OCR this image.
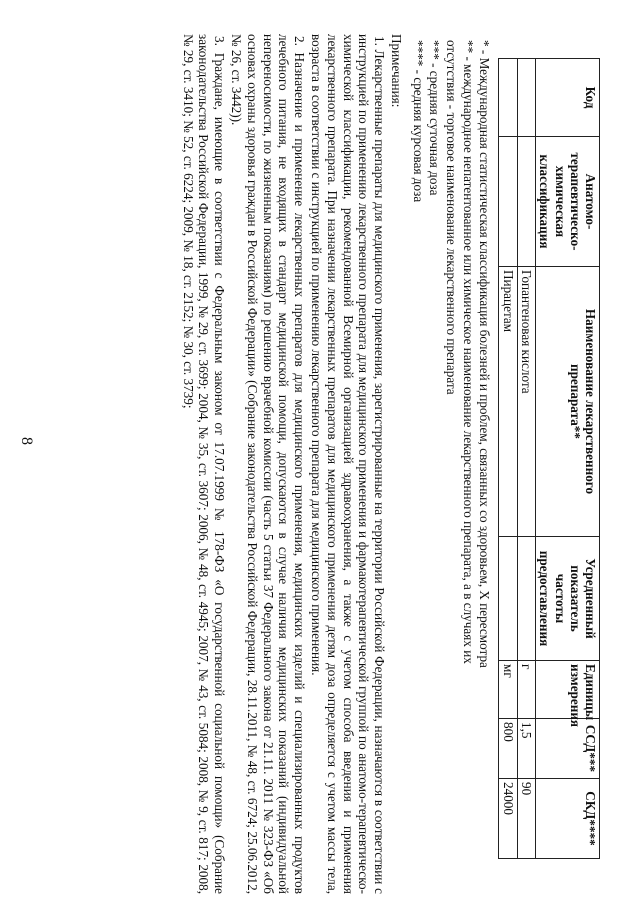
8
Код	Анатомо-терапевтическо-химическая классификация	Наименование лекарственного препарата**	Усредненный показатель частоты предоставления	Единицы измерения	ССД***	СКД****
		Гопантеновая кислота		г	1,5	90
		Пирацетам		мг	800	24000
* - Международная статистическая классификация болезней и проблем, связанных со здоровьем, X пересмотра
** - международное непатентованное или химическое наименование лекарственного препарата, а в случаях их
отсутствия - торговое наименование лекарственного препарата
*** - средняя суточная доза
**** - средняя курсовая доза
Примечания:

1. Лекарственные препараты для медицинского применения, зарегистрированные на территории Российской Федерации, назначаются в соответствии с инструкцией по применению лекарственного препарата для медицинского применения и фармакотерапевтической группой по анатомо-терапевтическо-химической классификации, рекомендованной Всемирной организацией здравоохранения, а также с учетом способа введения и применения лекарственного препарата. При назначении лекарственных препаратов для медицинского применения детям доза определяется с учетом массы тела, возраста в соответствии с инструкцией по применению лекарственного препарата для медицинского применения.

2. Назначение и применение лекарственных препаратов для медицинского применения, медицинских изделий и специализированных продуктов лечебного питания, не входящих в стандарт медицинской помощи, допускаются в случае наличия медицинских показаний (индивидуальной непереносимости, по жизненным показаниям) по решению врачебной комиссии (часть 5 статьи 37 Федерального закона от 21.11. 2011 № 323-ФЗ «Об основах охраны здоровья граждан в Российской Федерации» (Собрание законодательства Российской Федерации, 28.11.2011, № 48, ст. 6724; 25.06.2012, № 26, ст. 3442)).

3. Граждане, имеющие в соответствии с Федеральным законом от 17.07.1999 № 178-ФЗ «О государственной социальной помощи» (Собрание законодательства Российской Федерации, 1999, № 29, ст. 3699; 2004, № 35, ст. 3607; 2006, № 48, ст. 4945; 2007, № 43, ст. 5084; 2008, № 9, ст. 817; 2008, № 29, ст. 3410; № 52, ст. 6224; 2009, № 18, ст. 2152; № 30, ст. 3739;
